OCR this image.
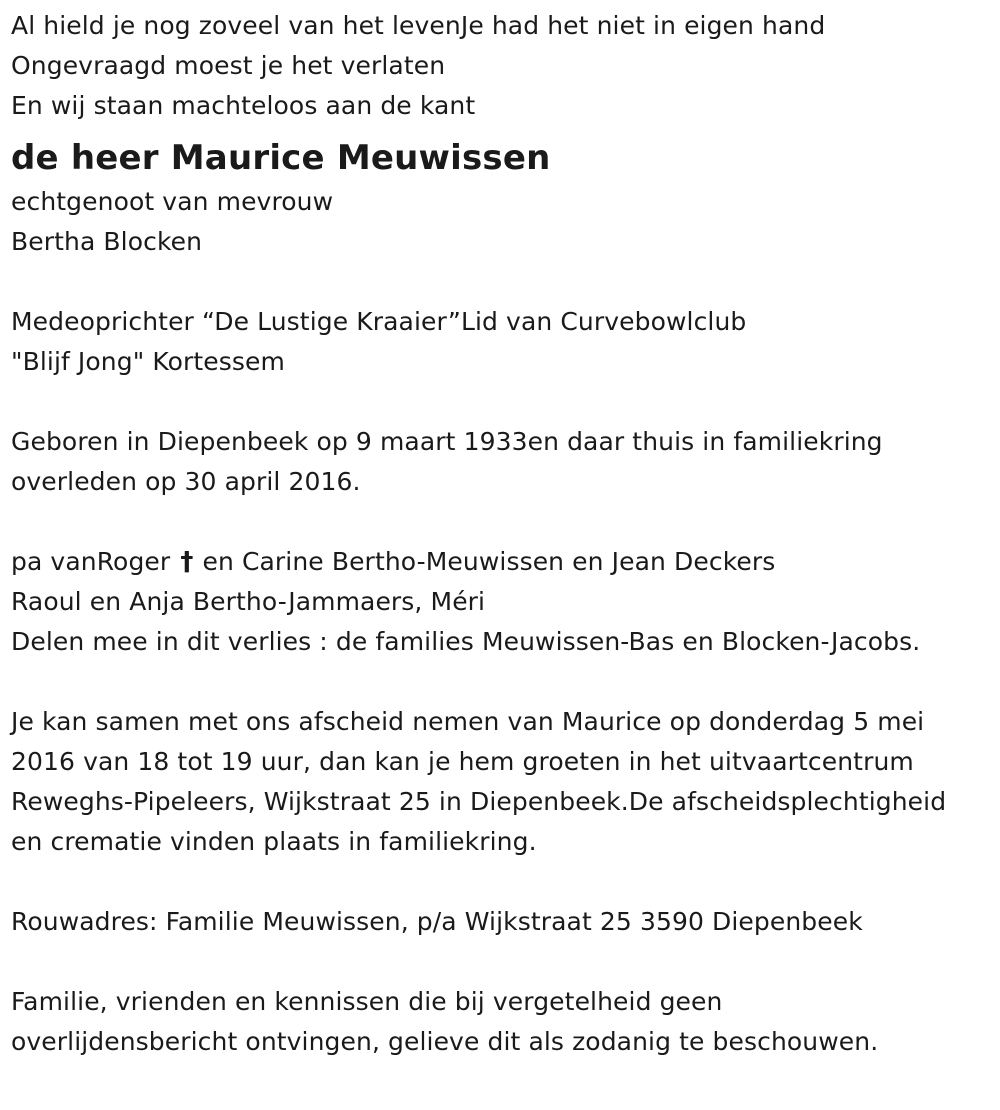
Al hield je nog zoveel van het levenJe had het niet in eigen hand
Ongevraagd moest je het verlaten
En wij staan machteloos aan de kant
de heer Maurice Meuwissen
echtgenoot van mevrouw
Bertha Blocken
Medeoprichter “De Lustige Kraaier”Lid van Curvebowlclub
"Blijf Jong" Kortessem
Geboren in Diepenbeek op 9 maart 1933en daar thuis in familiekring
overleden op 30 april 2016.
pa vanRoger † en Carine Bertho-Meuwissen en Jean Deckers
Raoul en Anja Bertho-Jammaers, Méri
Delen mee in dit verlies : de families Meuwissen-Bas en Blocken-Jacobs.
Je kan samen met ons afscheid nemen van Maurice op donderdag 5 mei
2016 van 18 tot 19 uur, dan kan je hem groeten in het uitvaartcentrum
Reweghs-Pipeleers, Wijkstraat 25 in Diepenbeek.De afscheidsplechtigheid
en crematie vinden plaats in familiekring.
Rouwadres: Familie Meuwissen, p/a Wijkstraat 25 3590 Diepenbeek
Familie, vrienden en kennissen die bij vergetelheid geen
overlijdensbericht ontvingen, gelieve dit als zodanig te beschouwen.
